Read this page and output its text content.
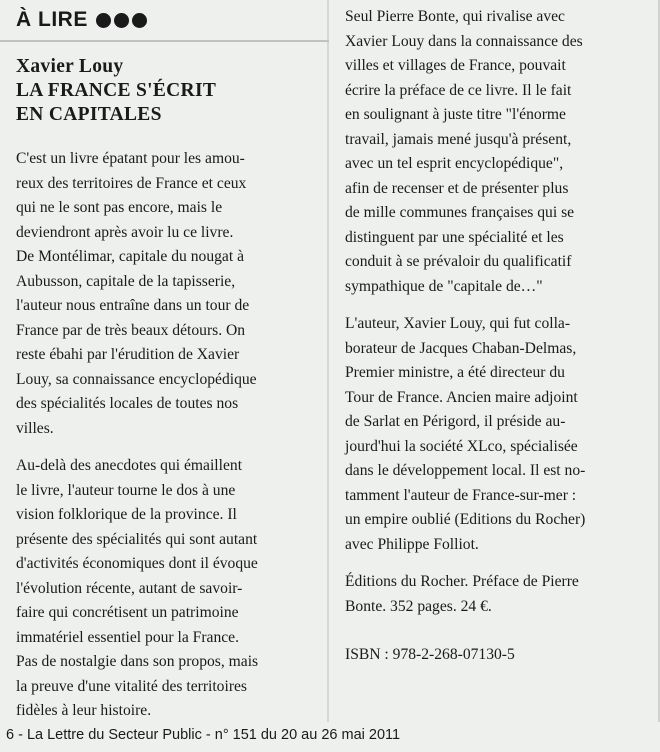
À LIRE
Xavier Louy
LA FRANCE S'ÉCRIT
EN CAPITALES
C'est un livre épatant pour les amou-
reux des territoires de France et ceux
qui ne le sont pas encore, mais le
deviendront après avoir lu ce livre.
De Montélimar, capitale du nougat à
Aubusson, capitale de la tapisserie,
l'auteur nous entraîne dans un tour de
France par de très beaux détours. On
reste ébahi par l'érudition de Xavier
Louy, sa connaissance encyclopédique
des spécialités locales de toutes nos
villes.
Au-delà des anecdotes qui émaillent
le livre, l'auteur tourne le dos à une
vision folklorique de la province. Il
présente des spécialités qui sont autant
d'activités économiques dont il évoque
l'évolution récente, autant de savoir-
faire qui concrétisent un patrimoine
immatériel essentiel pour la France.
Pas de nostalgie dans son propos, mais
la preuve d'une vitalité des territoires
fidèles à leur histoire.
Seul Pierre Bonte, qui rivalise avec
Xavier Louy dans la connaissance des
villes et villages de France, pouvait
écrire la préface de ce livre. Il le fait
en soulignant à juste titre "l'énorme
travail, jamais mené jusqu'à présent,
avec un tel esprit encyclopédique",
afin de recenser et de présenter plus
de mille communes françaises qui se
distinguent par une spécialité et les
conduit à se prévaloir du qualificatif
sympathique de "capitale de…"
L'auteur, Xavier Louy, qui fut colla-
borateur de Jacques Chaban-Delmas,
Premier ministre, a été directeur du
Tour de France. Ancien maire adjoint
de Sarlat en Périgord, il préside au-
jourd'hui la société XLco, spécialisée
dans le développement local. Il est no-
tamment l'auteur de France-sur-mer :
un empire oublié (Editions du Rocher)
avec Philippe Folliot.
Éditions du Rocher. Préface de Pierre
Bonte. 352 pages. 24 €.
ISBN : 978-2-268-07130-5
6 - La Lettre du Secteur Public - n° 151 du 20 au 26 mai 2011
